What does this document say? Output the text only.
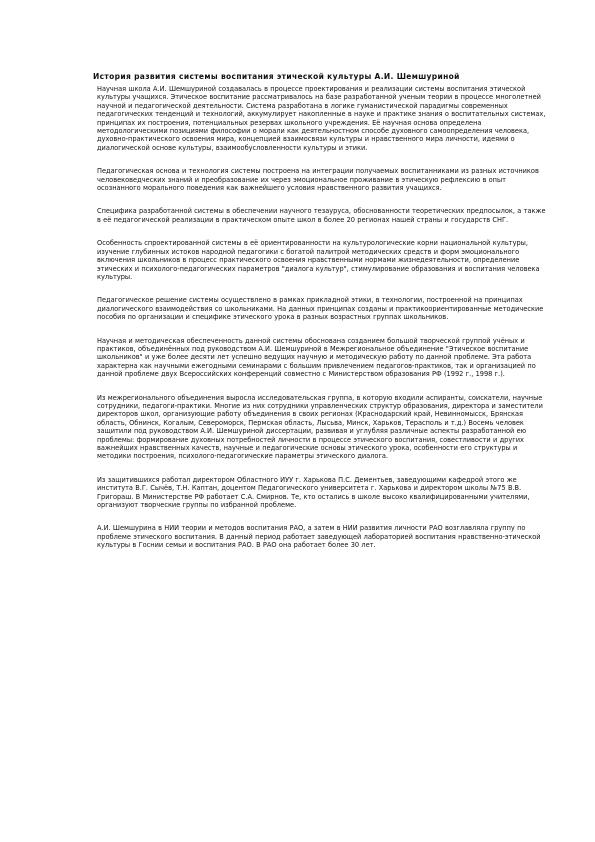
История развития системы воспитания этической культуры А.И. Шемшуриной

Научная школа А.И. Шемшуриной создавалась в процессе проектирования и реализации системы воспитания этической культуры учащихся. Этическое воспитание рассматривалось на базе разработанной ученым теории в процессе многолетней научной и педагогической деятельности. Система разработана в логике гуманистической парадигмы современных педагогических тенденций и технологий, аккумулирует накопленные в науке и практике знания о воспитательных системах, принципах их построения, потенциальных резервах школьного учреждения. Её научная основа определена методологическими позициями философии о морали как деятельностном способе духовного самоопределения человека, духовно-практического освоения мира, концепцией взаимосвязи культуры и нравственного мира личности, идеями о диалогической основе культуры, взаимообусловленности культуры и этики.

Педагогическая основа и технология системы построена на интеграции получаемых воспитанниками из разных источников человековедческих знаний и преобразование их через эмоциональное проживание в этическую рефлексию в опыт осознанного морального поведения как важнейшего условия нравственного развития учащихся.

Специфика разработанной системы в обеспечении научного тезауруса, обоснованности теоретических предпосылок, а также в её педагогической реализации в практическом опыте школ в более 20 регионах нашей страны и государств СНГ.

Особенность спроектированной системы в её ориентированности на культурологические корни национальной культуры, изучение глубинных истоков народной педагогики с богатой палитрой методических средств и форм эмоционального включения школьников в процесс практического освоения нравственными нормами жизнедеятельности, определение этических и психолого-педагогических параметров "диалога культур", стимулирование образования и воспитания человека культуры.

Педагогическое решение системы осуществлено в рамках прикладной этики, в технологии, построенной на принципах диалогического взаимодействия со школьниками. На данных принципах созданы и практикоориентированные методические пособия по организации и специфике этического урока в разных возрастных группах школьников.

Научная и методическая обеспеченность данной системы обоснована созданием большой творческой группой учёных и практиков, объединённых под руководством А.И. Шемшуриной в Межрегиональное объединение "Этическое воспитание школьников" и уже более десяти лет успешно ведущих научную и методическую работу по данной проблеме. Эта работа характерна как научными ежегодными семинарами с большим привлечением педагогов-практиков, так и организацией по данной проблеме двух Всероссийских конференций совместно с Министерством образования РФ (1992 г., 1998 г.).

Из межрегионального объединения выросла исследовательская группа, в которую входили аспиранты, соискатели, научные сотрудники, педагоги-практики. Многие из них сотрудники управленческих структур образования, директора и заместители директоров школ, организующие работу объединения в своих регионах (Краснодарский край, Невинномысск, Брянская область, Обнинск, Когалым, Североморск, Пермская область, Лысьва, Минск, Харьков, Терасполь и т.д.) Восемь человек защитили под руководством А.И. Шемшуриной диссертации, развивая и углубляя различные аспекты разработанной ею проблемы: формирование духовных потребностей личности в процессе этического воспитания, совестливости и других важнейших нравственных качеств, научные и педагогические основы этического урока, особенности его структуры и методики построения, психолого-педагогические параметры этического диалога.

Из защитившихся работал директором Областного ИУУ г. Харькова П.С. Дементьев, заведующими кафедрой этого же института В.Г. Сычёв, Т.Н. Каптан, доцентом Педагогического университета г. Харькова и директором школы №75 В.В. Григораш. В Министерстве РФ работает С.А. Смирнов. Те, кто остались в школе высоко квалифицированными учителями, организуют творческие группы по избранной проблеме.

А.И. Шемшурина в НИИ теории и методов воспитания РАО, а затем в НИИ развития личности РАО возглавляла группу по проблеме этического воспитания. В данный период работает заведующей лабораторией воспитания нравственно-этической культуры в Госнии семьи и воспитания РАО. В РАО она работает более 30 лет.
